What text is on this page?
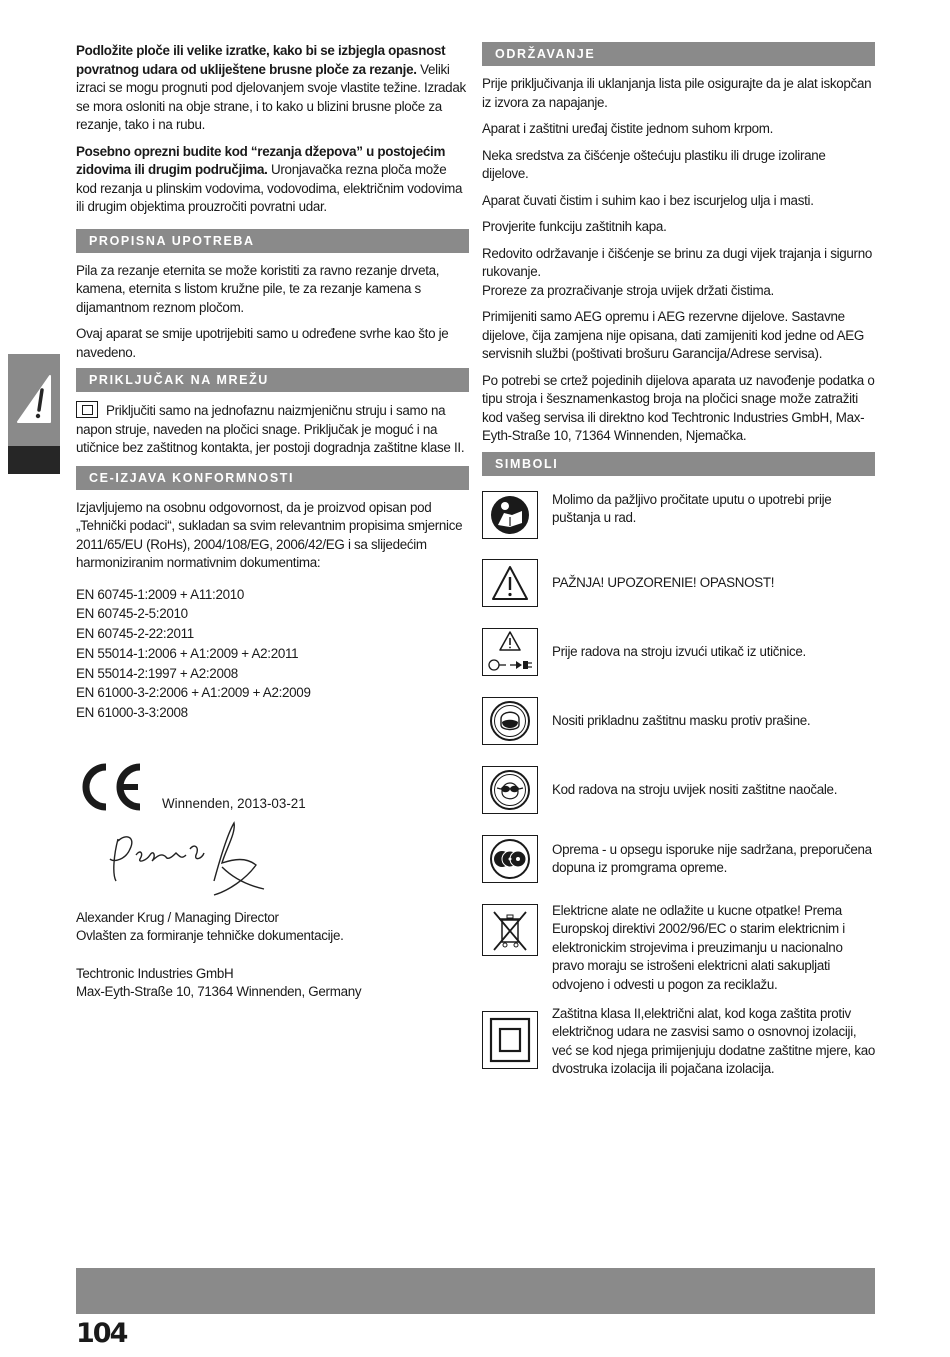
Podložite ploče ili velike izratke, kako bi se izbjegla opasnost povratnog udara od ukliještene brusne ploče za rezanje. Veliki izraci se mogu prognuti pod djelovanjem svoje vlastite težine. Izradak se mora osloniti na obje strane, i to kako u blizini brusne ploče za rezanje, tako i na rubu.

Posebno oprezni budite kod “rezanja džepova” u postojećim zidovima ili drugim područjima. Uronjavačka rezna ploča može kod rezanja u plinskim vodovima, vodovodima, električnim vodovima ili drugim objektima prouzročiti povratni udar.

PROPISNA UPOTREBA

Pila za rezanje eternita se može koristiti za ravno rezanje drveta, kamena, eternita s listom kružne pile, te za rezanje kamena s dijamantnom reznom pločom.

Ovaj aparat se smije upotrijebiti samo u određene svrhe kao što je navedeno.

PRIKLJUČAK NA MREŽU

Priključiti samo na jednofaznu naizmjeničnu struju i samo na napon struje, naveden na pločici snage. Priključak je moguć i na utičnice bez zaštitnog kontakta, jer postoji dogradnja zaštitne klase II.

CE-IZJAVA KONFORMNOSTI

Izjavljujemo na osobnu odgovornost, da je proizvod opisan pod „Tehnički podaci“, sukladan sa svim relevantnim propisima smjernice 2011/65/EU (RoHs), 2004/108/EG, 2006/42/EG i sa slijedećim harmoniziranim normativnim dokumentima:

EN 60745-1:2009 + A11:2010
EN 60745-2-5:2010
EN 60745-2-22:2011
EN 55014-1:2006 + A1:2009 + A2:2011
EN 55014-2:1997 + A2:2008
EN 61000-3-2:2006 + A1:2009 + A2:2009
EN 61000-3-3:2008
Winnenden, 2013-03-21
Alexander Krug / Managing Director
Ovlašten za formiranje tehničke dokumentacije.
Techtronic Industries GmbH
Max-Eyth-Straße 10, 71364 Winnenden, Germany
ODRŽAVANJE

Prije priključivanja ili uklanjanja lista pile osigurajte da je alat iskopčan iz izvora za napajanje.

Aparat i zaštitni uređaj čistite jednom suhom krpom.

Neka sredstva za čišćenje oštećuju plastiku ili druge izolirane dijelove.

Aparat čuvati čistim i suhim kao i bez iscurjelog ulja i masti.

Provjerite funkciju zaštitnih kapa.

Redovito održavanje i čišćenje se brinu za dugi vijek trajanja i sigurno rukovanje.
Proreze za prozračivanje stroja uvijek držati čistima.

Primijeniti samo AEG opremu i AEG rezervne dijelove. Sastavne dijelove, čija zamjena nije opisana, dati zamijeniti kod jedne od AEG servisnih službi (poštivati brošuru Garancija/Adrese servisa).

Po potrebi se crtež pojedinih dijelova aparata uz navođenje podatka o tipu stroja i šesznamenkastog broja na pločici snage može zatražiti kod vašeg servisa ili direktno kod Techtronic Industries GmbH, Max-Eyth-Straße 10, 71364 Winnenden, Njemačka.

SIMBOLI
Molimo da pažljivo pročitate uputu o upotrebi prije puštanja u rad.
PAŽNJA! UPOZORENIE! OPASNOST!
Prije radova na stroju izvući utikač iz utičnice.
Nositi prikladnu zaštitnu masku protiv prašine.
Kod radova na stroju uvijek nositi zaštitne naočale.
Oprema - u opsegu isporuke nije sadržana, preporučena dopuna iz promgrama opreme.
Elektricne alate ne odlažite u kucne otpatke! Prema Europskoj direktivi 2002/96/EC o starim elektricnim i elektronickim strojevima i preuzimanju u nacionalno pravo moraju se istrošeni elektricni alati sakupljati odvojeno i odvesti u pogon za reciklažu.
Zaštitna klasa II,električni alat, kod koga zaštita protiv električnog udara ne zasvisi samo o osnovnoj izolaciji, već se kod njega primijenjuju dodatne zaštitne mjere, kao dvostruka izolacija ili pojačana izolacija.
104
